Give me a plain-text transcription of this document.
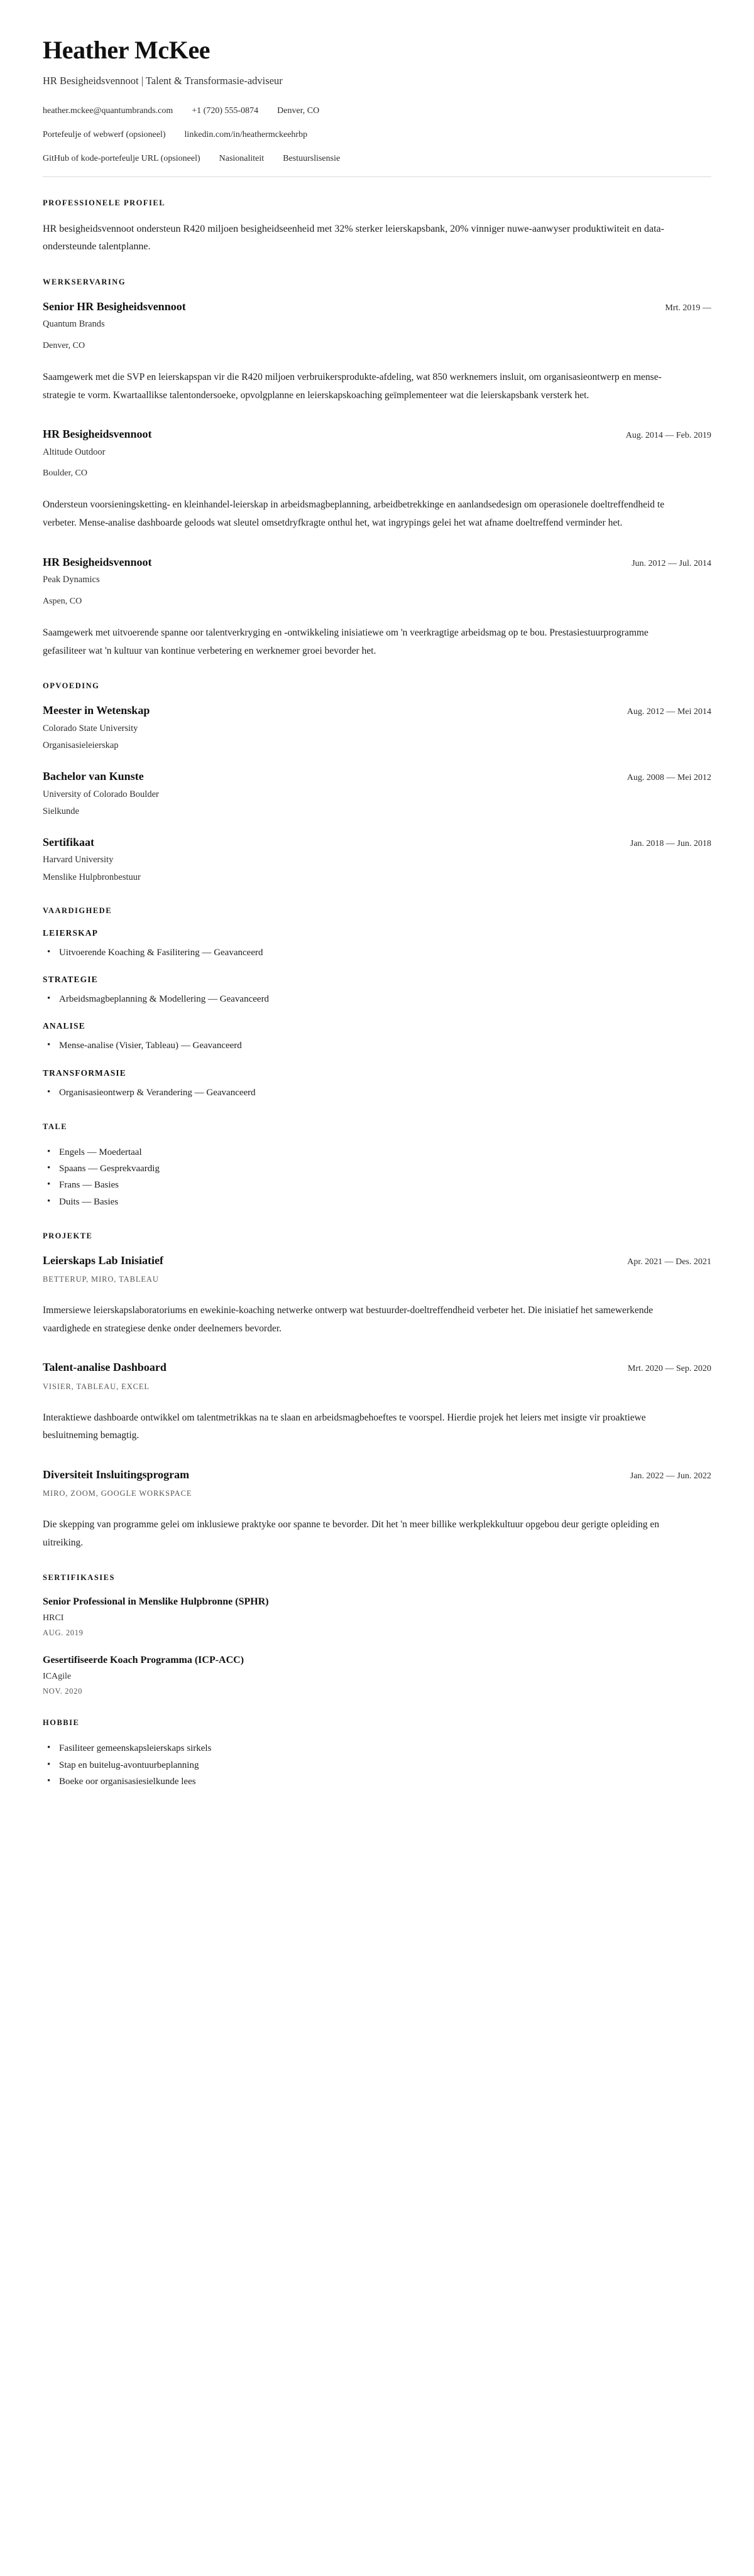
Heather McKee
HR Besigheidsvennoot | Talent & Transformasie-adviseur
heather.mckee@quantumbrands.com +1 (720) 555-0874 Denver, CO
Portefeulje of webwerf (opsioneel) linkedin.com/in/heathermckeehrbp
GitHub of kode-portefeulje URL (opsioneel) Nasionaliteit Bestuurslisensie
PROFESSIONELE PROFIEL

HR besigheidsvennoot ondersteun R420 miljoen besigheidseenheid met 32% sterker leierskapsbank, 20% vinniger nuwe-aanwyser produktiwiteit en data-ondersteunde talentplanne.

WERKSERVARING
Senior HR Besigheidsvennoot	Mrt. 2019 —
Quantum Brands
Denver, CO

Saamgewerk met die SVP en leierskapspan vir die R420 miljoen verbruikersprodukte-afdeling, wat 850 werknemers insluit, om organisasieontwerp en mense-strategie te vorm. Kwartaallikse talentondersoeke, opvolgplanne en leierskapskoaching geïmplementeer wat die leierskapsbank versterk het.

HR Besigheidsvennoot	Aug. 2014 — Feb. 2019
Altitude Outdoor
Boulder, CO

Ondersteun voorsieningsketting- en kleinhandel-leierskap in arbeidsmagbeplanning, arbeidbetrekkinge en aanlandsedesign om operasionele doeltreffendheid te verbeter. Mense-analise dashboarde geloods wat sleutel omsetdryfkragte onthul het, wat ingrypings gelei het wat afname doeltreffend verminder het.

HR Besigheidsvennoot	Jun. 2012 — Jul. 2014
Peak Dynamics
Aspen, CO

Saamgewerk met uitvoerende spanne oor talentverkryging en -ontwikkeling inisiatiewe om 'n veerkragtige arbeidsmag op te bou. Prestasiestuurprogramme gefasiliteer wat 'n kultuur van kontinue verbetering en werknemer groei bevorder het.

OPVOEDING
Meester in Wetenskap	Aug. 2012 — Mei 2014
Colorado State University
Organisasieleierskap
Bachelor van Kunste	Aug. 2008 — Mei 2012
University of Colorado Boulder
Sielkunde
Sertifikaat	Jan. 2018 — Jun. 2018
Harvard University
Menslike Hulpbronbestuur
VAARDIGHEDE
LEIERSKAP
• Uitvoerende Koaching & Fasilitering — Geavanceerd
STRATEGIE
• Arbeidsmagbeplanning & Modellering — Geavanceerd
ANALISE
• Mense-analise (Visier, Tableau) — Geavanceerd
TRANSFORMASIE
• Organisasieontwerp & Verandering — Geavanceerd
TALE
• Engels — Moedertaal
• Spaans — Gesprekvaardig
• Frans — Basies
• Duits — Basies
PROJEKTE
Leierskaps Lab Inisiatief	Apr. 2021 — Des. 2021
BETTERUP, MIRO, TABLEAU

Immersiewe leierskapslaboratoriums en ewekinie-koaching netwerke ontwerp wat bestuurder-doeltreffendheid verbeter het. Die inisiatief het samewerkende vaardighede en strategiese denke onder deelnemers bevorder.

Talent-analise Dashboard	Mrt. 2020 — Sep. 2020
VISIER, TABLEAU, EXCEL

Interaktiewe dashboarde ontwikkel om talentmetrikkas na te slaan en arbeidsmagbehoeftes te voorspel. Hierdie projek het leiers met insigte vir proaktiewe besluitneming bemagtig.

Diversiteit Insluitingsprogram	Jan. 2022 — Jun. 2022
MIRO, ZOOM, GOOGLE WORKSPACE

Die skepping van programme gelei om inklusiewe praktyke oor spanne te bevorder. Dit het 'n meer billike werkplekkultuur opgebou deur gerigte opleiding en uitreiking.

SERTIFIKASIES
Senior Professional in Menslike Hulpbronne (SPHR)
HRCI
AUG. 2019
Gesertifiseerde Koach Programma (ICP-ACC)
ICAgile
NOV. 2020
HOBBIE
• Fasiliteer gemeenskapsleierskaps sirkels
• Stap en buitelug-avontuurbeplanning
• Boeke oor organisasiesielkunde lees
